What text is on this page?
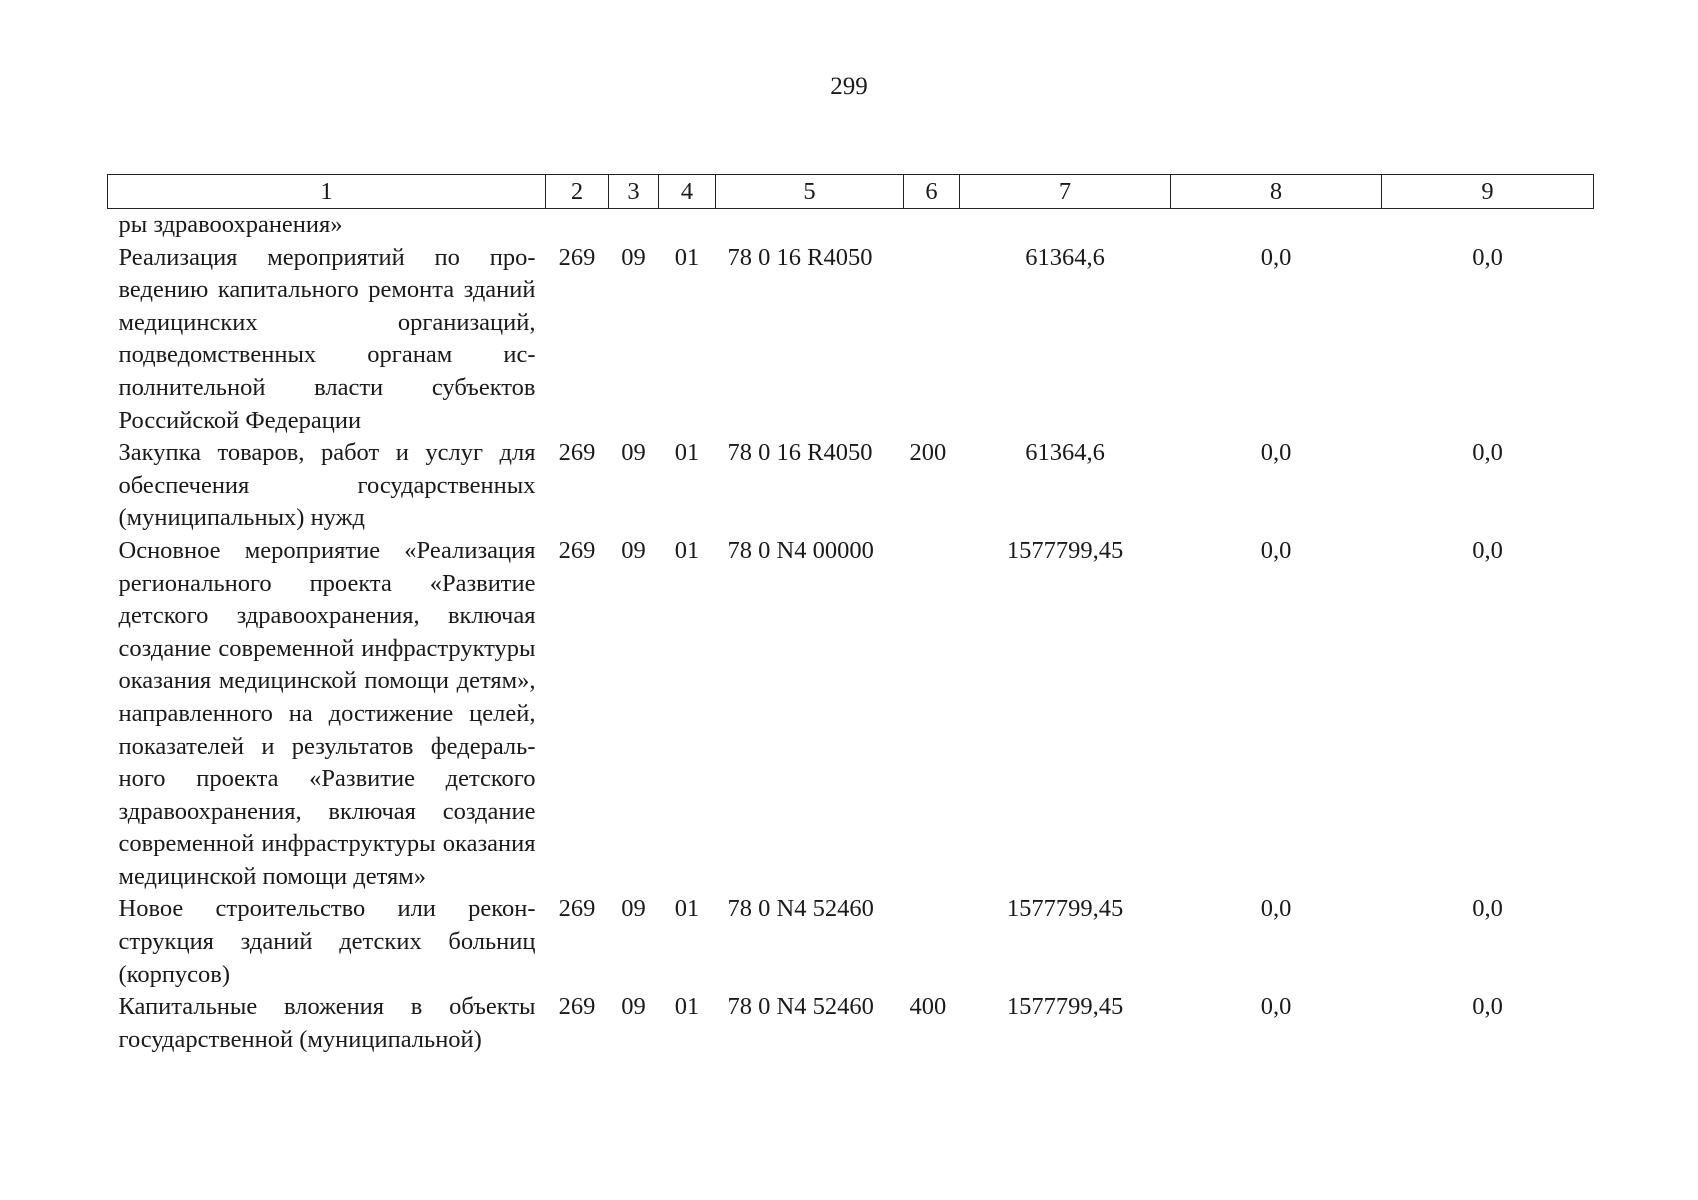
299
1	2	3	4	5	6	7	8	9
ры здравоохранения»								
Реализация мероприятий по проведению капитального ремонта зданий медицинских организаций, подведомственных органам исполнительной власти субъектов Российской Федерации	269	09	01	78 0 16 R4050		61364,6	0,0	0,0
Закупка товаров, работ и услуг для обеспечения государственных (муниципальных) нужд	269	09	01	78 0 16 R4050	200	61364,6	0,0	0,0
Основное мероприятие «Реализация регионального проекта «Развитие детского здравоохранения, включая создание современной инфраструктуры оказания медицинской помощи детям», направленного на достижение целей, показателей и результатов федерального проекта «Развитие детского здравоохранения, включая создание современной инфраструктуры оказания медицинской помощи детям»	269	09	01	78 0 N4 00000		1577799,45	0,0	0,0
Новое строительство или реконструкция зданий детских больниц (корпусов)	269	09	01	78 0 N4 52460		1577799,45	0,0	0,0
Капитальные вложения в объекты государственной (муниципальной)	269	09	01	78 0 N4 52460	400	1577799,45	0,0	0,0
